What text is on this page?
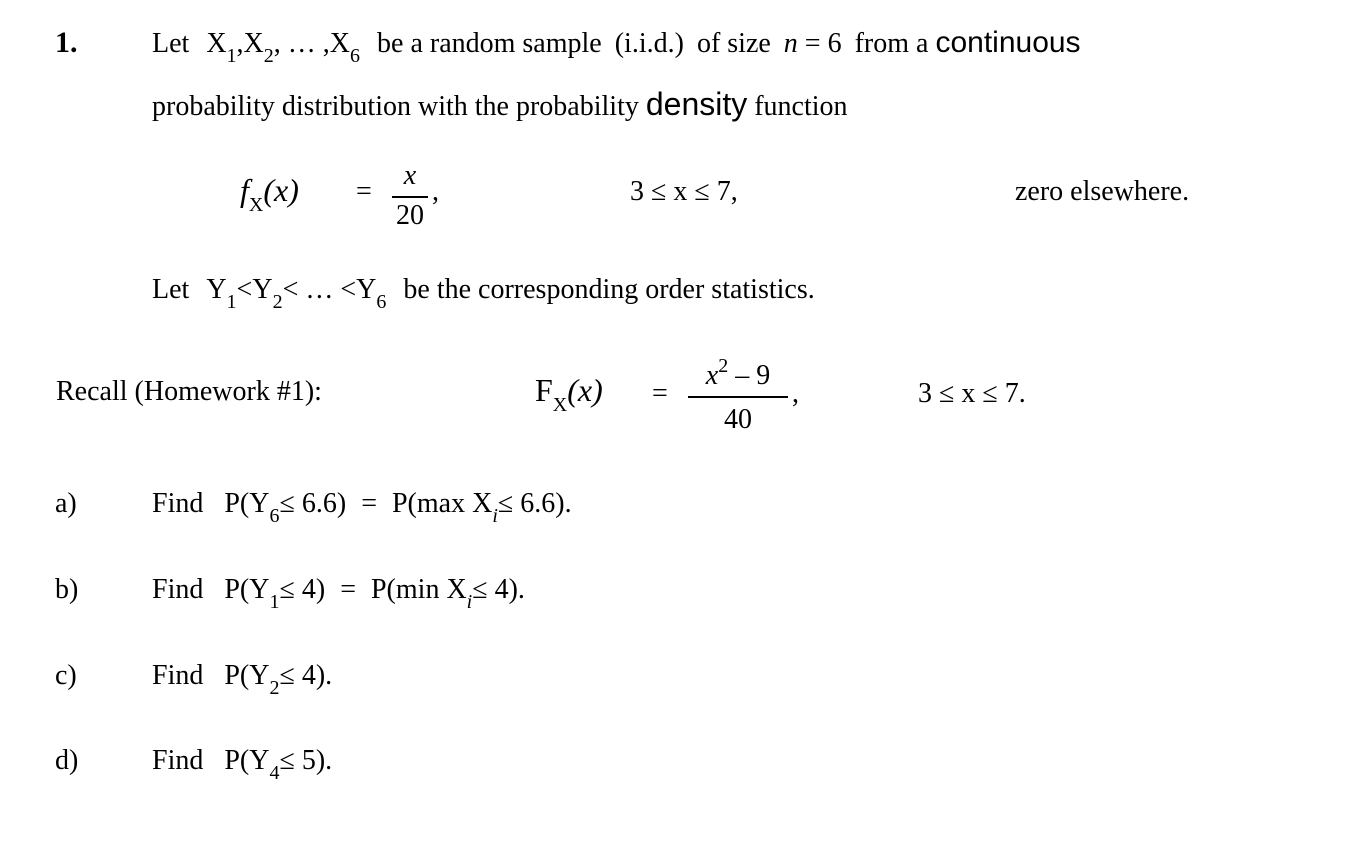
1.	Let $X_1,X_2$, … $,X_6$ be a random sample (i.i.d.) of size n = 6 from a continuous
probability distribution with the probability density function
$f_X(x)$ =
x
20
,	3 ≤ x ≤ 7,	zero elsewhere.
Let $Y_1<Y_2<$ … $<Y_6$ be the corresponding order statistics.
Recall (Homework #1):	$F_X(x)$ =
$x^2 - 9$
40
,	3 ≤ x ≤ 7.
a)	Find $P(Y_6\le 6.6) = P(\max$ $X_i\le 6.6$).
b)	Find $P(Y_1\le 4) = P(\min$ $X_i\le 4$).
c)	Find $P(Y_2\le 4)$.
d)	Find $P(Y_4\le 5)$.
